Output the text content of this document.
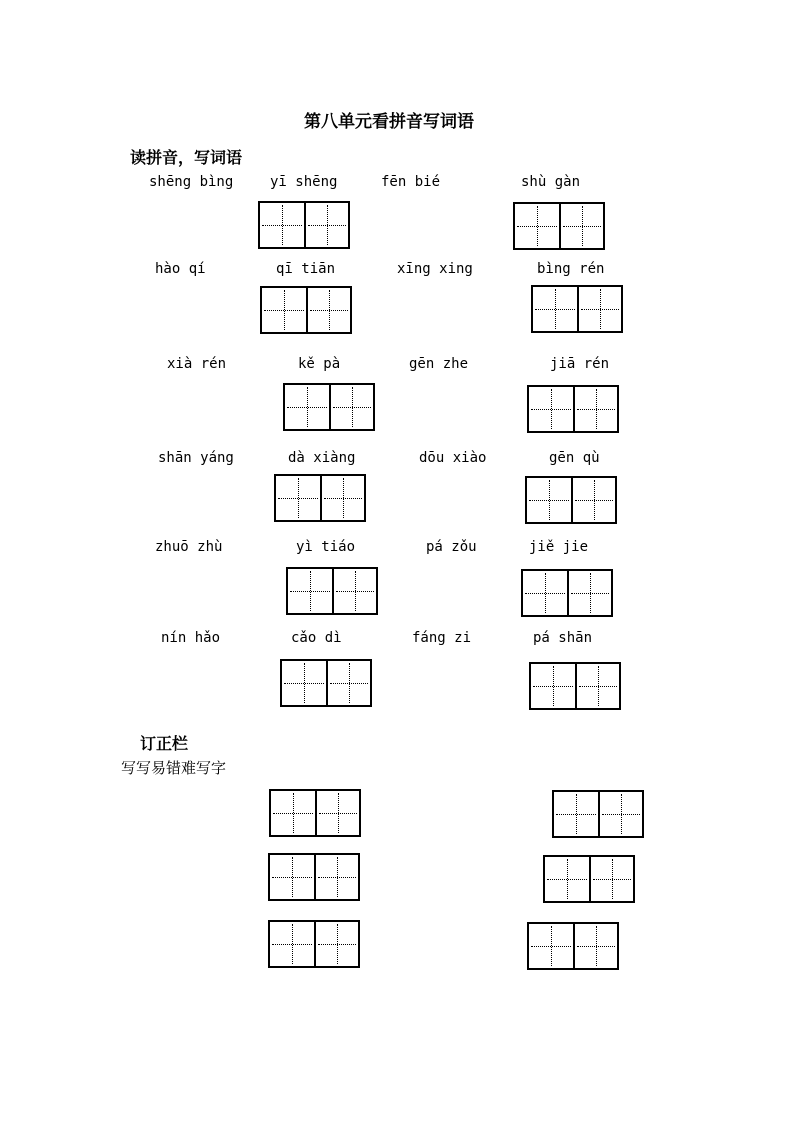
第八单元看拼音写词语
读拼音，写词语
shēng bìng	yī shēng	fēn bié	shù gàn
hào qí	qī tiān	xīng xing	bìng rén
xià rén	kě pà	gēn zhe	jiā rén
shān yáng	dà xiàng	dōu xiào	gēn qù
zhuō zhù	yì tiáo	pá zǒu	jiě jie
nín hǎo	cǎo dì	fáng zi	pá shān
订正栏
写写易错难写字
